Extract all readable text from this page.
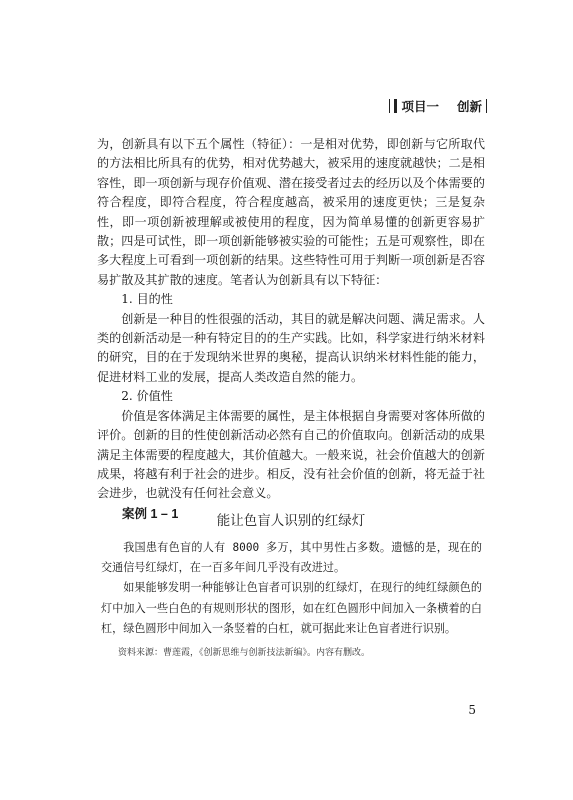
项目一 创新

为，创新具有以下五个属性（特征）：一是相对优势，即创新与它所取代的方法相比所具有的优势，相对优势越大，被采用的速度就越快；二是相容性，即一项创新与现存价值观、潜在接受者过去的经历以及个体需要的符合程度，即符合程度，符合程度越高，被采用的速度更快；三是复杂性，即一项创新被理解或被使用的程度，因为简单易懂的创新更容易扩散；四是可试性，即一项创新能够被实验的可能性；五是可观察性，即在多大程度上可看到一项创新的结果。这些特性可用于判断一项创新是否容易扩散及其扩散的速度。笔者认为创新具有以下特征：

1. 目的性

创新是一种目的性很强的活动，其目的就是解决问题、满足需求。人类的创新活动是一种有特定目的的生产实践。比如，科学家进行纳米材料的研究，目的在于发现纳米世界的奥秘，提高认识纳米材料性能的能力，促进材料工业的发展，提高人类改造自然的能力。

2. 价值性

价值是客体满足主体需要的属性，是主体根据自身需要对客体所做的评价。创新的目的性使创新活动必然有自己的价值取向。创新活动的成果满足主体需要的程度越大，其价值越大。一般来说，社会价值越大的创新成果，将越有利于社会的进步。相反，没有社会价值的创新，将无益于社会进步，也就没有任何社会意义。

案例 1 – 1	能让色盲人识别的红绿灯

我国患有色盲的人有 8000 多万，其中男性占多数。遗憾的是，现在的交通信号红绿灯，在一百多年间几乎没有改进过。

如果能够发明一种能够让色盲者可识别的红绿灯，在现行的纯红绿颜色的灯中加入一些白色的有规则形状的图形，如在红色圆形中间加入一条横着的白杠，绿色圆形中间加入一条竖着的白杠，就可据此来让色盲者进行识别。

资料来源：曹莲霞，《创新思维与创新技法新编》。内容有删改。
5
